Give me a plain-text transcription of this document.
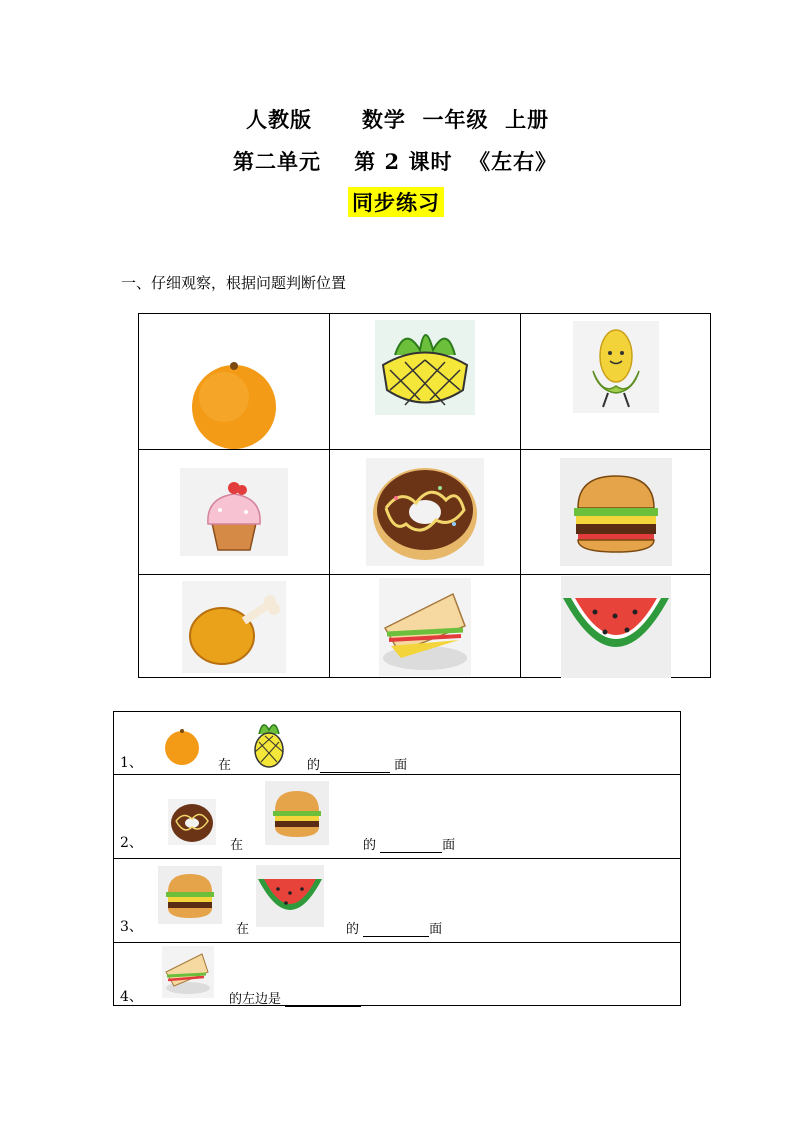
人教版      数学  一年级  上册
第二单元    第 2 课时  《左右》
同步练习
一、仔细观察，根据问题判断位置
1、	在	的	面
2、	在	的	面
3、	在	的	面
4、	的左边是
